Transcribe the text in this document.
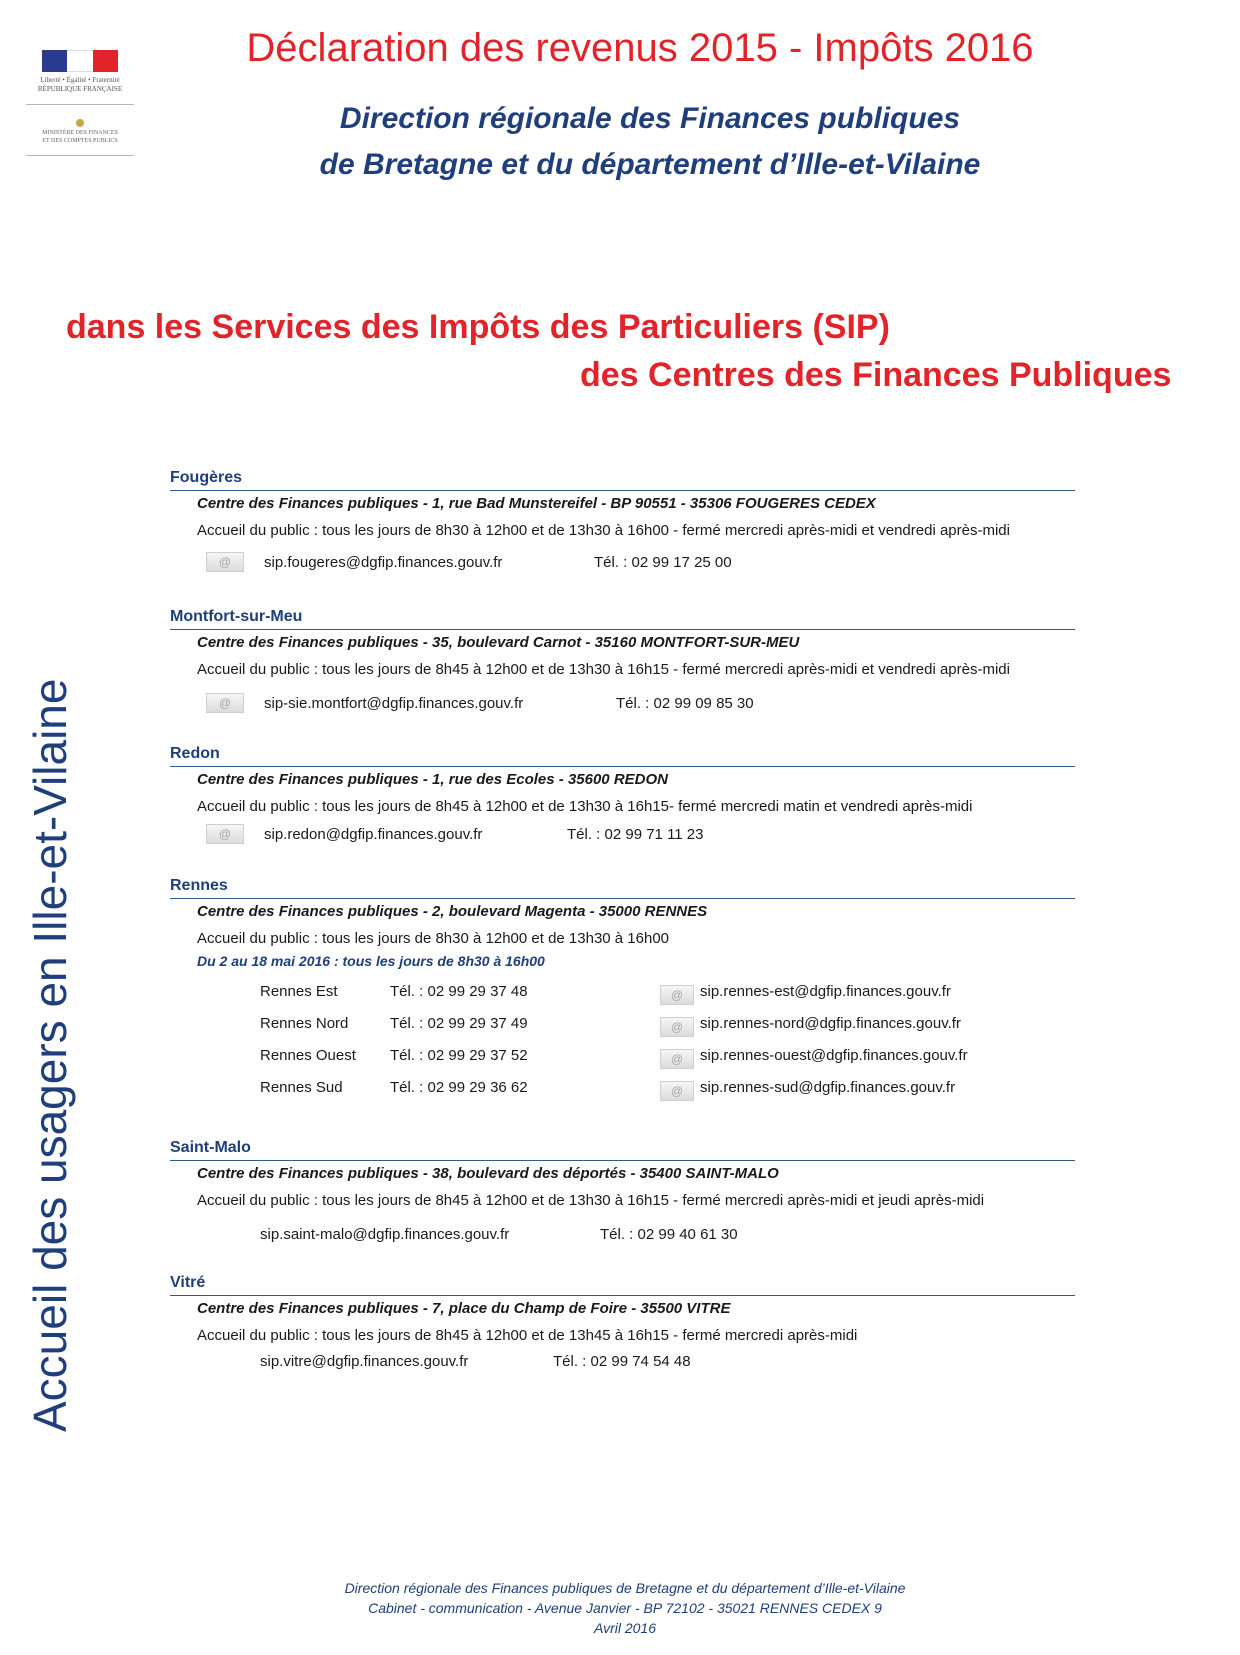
Liberté • Égalité • Fraternité
RÉPUBLIQUE FRANÇAISE
MINISTÈRE DES FINANCES
ET DES COMPTES PUBLICS
Déclaration des revenus 2015 - Impôts 2016
Direction régionale des Finances publiques
de Bretagne et du département d’Ille-et-Vilaine
dans les Services des Impôts des Particuliers (SIP)
des Centres des Finances Publiques
Accueil des usagers en Ille-et-Vilaine
Fougères
Centre des Finances publiques - 1, rue Bad Munstereifel - BP 90551 - 35306 FOUGERES CEDEX
Accueil du public : tous les jours de 8h30 à 12h00 et de 13h30 à 16h00 - fermé mercredi après-midi et vendredi après-midi
@	sip.fougeres@dgfip.finances.gouv.fr	Tél. : 02 99 17 25 00
Montfort-sur-Meu
Centre des Finances publiques - 35, boulevard Carnot - 35160 MONTFORT-SUR-MEU
Accueil du public : tous les jours de 8h45 à 12h00 et de 13h30 à 16h15 - fermé mercredi après-midi et vendredi après-midi
@	sip-sie.montfort@dgfip.finances.gouv.fr	Tél. : 02 99 09 85 30
Redon
Centre des Finances publiques - 1, rue des Ecoles - 35600 REDON
Accueil du public : tous les jours de 8h45 à 12h00 et de 13h30 à 16h15- fermé mercredi matin et vendredi après-midi
@	sip.redon@dgfip.finances.gouv.fr	Tél. : 02 99 71 11 23
Rennes
Centre des Finances publiques - 2, boulevard Magenta - 35000 RENNES
Accueil du public : tous les jours de 8h30 à 12h00 et de 13h30 à 16h00
Du 2 au 18 mai 2016 : tous les jours de 8h30 à 16h00
Rennes Est	Tél. : 02 99 29 37 48	@	sip.rennes-est@dgfip.finances.gouv.fr
Rennes Nord	Tél. : 02 99 29 37 49	@	sip.rennes-nord@dgfip.finances.gouv.fr
Rennes Ouest	Tél. : 02 99 29 37 52	@	sip.rennes-ouest@dgfip.finances.gouv.fr
Rennes Sud	Tél. : 02 99 29 36 62	@	sip.rennes-sud@dgfip.finances.gouv.fr
Saint-Malo
Centre des Finances publiques - 38, boulevard des déportés - 35400 SAINT-MALO
Accueil du public : tous les jours de 8h45 à 12h00 et de 13h30 à 16h15 - fermé mercredi après-midi et jeudi après-midi
sip.saint-malo@dgfip.finances.gouv.fr	Tél. : 02 99 40 61 30
Vitré
Centre des Finances publiques - 7, place du Champ de Foire - 35500 VITRE
Accueil du public : tous les jours de 8h45 à 12h00 et de 13h45 à 16h15 - fermé mercredi après-midi
sip.vitre@dgfip.finances.gouv.fr	Tél. : 02 99 74 54 48
Direction régionale des Finances publiques de Bretagne et du département d’Ille-et-Vilaine
Cabinet - communication - Avenue Janvier - BP 72102 - 35021 RENNES CEDEX 9
Avril 2016
